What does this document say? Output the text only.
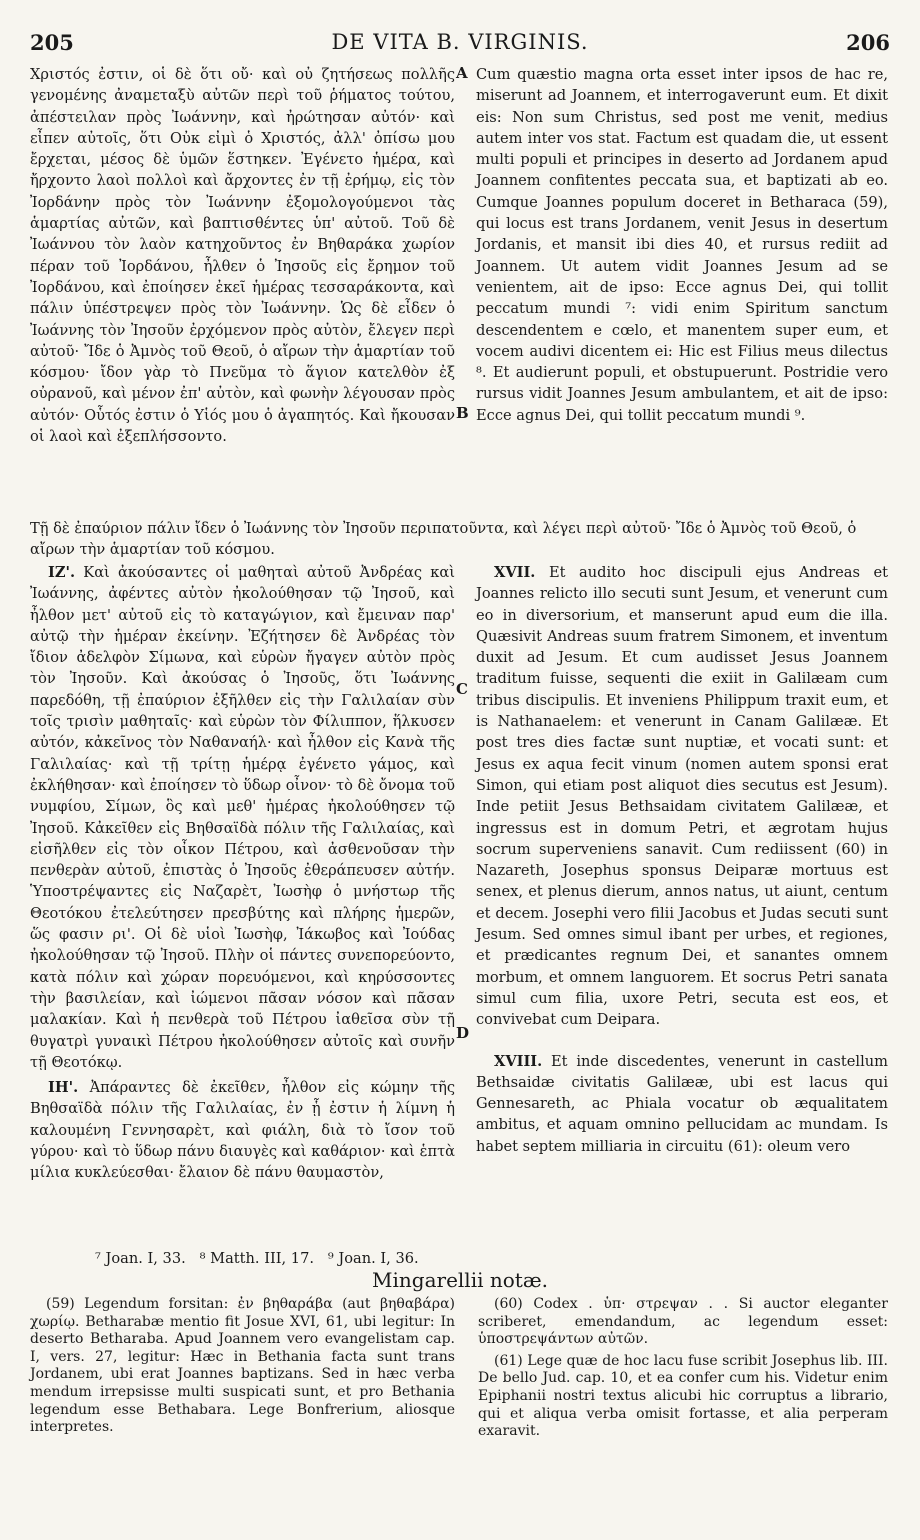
205	DE VITA B. VIRGINIS.	206
A
B
C
D

Χριστός ἐστιν, οἱ δὲ ὅτι οὔ· καὶ οὐ ζητήσεως πολλῆς γενομένης ἀναμεταξὺ αὐτῶν περὶ τοῦ ῥήματος τούτου, ἀπέστειλαν πρὸς Ἰωάννην, καὶ ἠρώτησαν αὐτόν· καὶ εἶπεν αὐτοῖς, ὅτι Οὐκ εἰμὶ ὁ Χριστός, ἀλλ' ὀπίσω μου ἔρχεται, μέσος δὲ ὑμῶν ἕστηκεν. Ἐγένετο ἡμέρα, καὶ ἤρχοντο λαοὶ πολλοὶ καὶ ἄρχοντες ἐν τῇ ἐρήμῳ, εἰς τὸν Ἰορδάνην πρὸς τὸν Ἰωάννην ἐξομολογούμενοι τὰς ἁμαρτίας αὐτῶν, καὶ βαπτισθέντες ὑπ' αὐτοῦ. Τοῦ δὲ Ἰωάννου τὸν λαὸν κατηχοῦντος ἐν Βηθαράκα χωρίον πέραν τοῦ Ἰορδάνου, ἦλθεν ὁ Ἰησοῦς εἰς ἔρημον τοῦ Ἰορδάνου, καὶ ἐποίησεν ἐκεῖ ἡμέρας τεσσαράκοντα, καὶ πάλιν ὑπέστρεψεν πρὸς τὸν Ἰωάννην. Ὡς δὲ εἶδεν ὁ Ἰωάννης τὸν Ἰησοῦν ἐρχόμενον πρὸς αὐτὸν, ἔλεγεν περὶ αὐτοῦ· Ἴδε ὁ Ἀμνὸς τοῦ Θεοῦ, ὁ αἴρων τὴν ἁμαρτίαν τοῦ κόσμου· ἴδον γὰρ τὸ Πνεῦμα τὸ ἅγιον κατελθὸν ἐξ οὐρανοῦ, καὶ μένον ἐπ' αὐτὸν, καὶ φωνὴν λέγουσαν πρὸς αὐτόν· Οὗτός ἐστιν ὁ Υἱός μου ὁ ἀγαπητός. Καὶ ἤκουσαν οἱ λαοὶ καὶ ἐξεπλήσσοντο.

Cum quæstio magna orta esset inter ipsos de hac re, miserunt ad Joannem, et interrogaverunt eum. Et dixit eis: Non sum Christus, sed post me venit, medius autem inter vos stat. Factum est quadam die, ut essent multi populi et principes in deserto ad Jordanem apud Joannem confitentes peccata sua, et baptizati ab eo. Cumque Joannes populum doceret in Betharaca (59), qui locus est trans Jordanem, venit Jesus in desertum Jordanis, et mansit ibi dies 40, et rursus rediit ad Joannem. Ut autem vidit Joannes Jesum ad se venientem, ait de ipso: Ecce agnus Dei, qui tollit peccatum mundi ⁷: vidi enim Spiritum sanctum descendentem e cœlo, et manentem super eum, et vocem audivi dicentem ei: Hic est Filius meus dilectus ⁸. Et audierunt populi, et obstupuerunt. Postridie vero rursus vidit Joannes Jesum ambulantem, et ait de ipso: Ecce agnus Dei, qui tollit peccatum mundi ⁹.

Τῇ δὲ ἐπαύριον πάλιν ἴδεν ὁ Ἰωάννης τὸν Ἰησοῦν περιπατοῦντα, καὶ λέγει περὶ αὐτοῦ· Ἴδε ὁ Ἀμνὸς τοῦ Θεοῦ, ὁ αἴρων τὴν ἁμαρτίαν τοῦ κόσμου.

ΙΖ'. Καὶ ἀκούσαντες οἱ μαθηταὶ αὐτοῦ Ἀνδρέας καὶ Ἰωάννης, ἀφέντες αὐτὸν ἠκολούθησαν τῷ Ἰησοῦ, καὶ ἦλθον μετ' αὐτοῦ εἰς τὸ καταγώγιον, καὶ ἔμειναν παρ' αὐτῷ τὴν ἡμέραν ἐκείνην. Ἐζήτησεν δὲ Ἀνδρέας τὸν ἴδιον ἀδελφὸν Σίμωνα, καὶ εὑρὼν ἤγαγεν αὐτὸν πρὸς τὸν Ἰησοῦν. Καὶ ἀκούσας ὁ Ἰησοῦς, ὅτι Ἰωάννης παρεδόθη, τῇ ἐπαύριον ἐξῆλθεν εἰς τὴν Γαλιλαίαν σὺν τοῖς τρισὶν μαθηταῖς· καὶ εὑρὼν τὸν Φίλιππον, ἥλκυσεν αὐτόν, κἀκεῖνος τὸν Ναθαναήλ· καὶ ἦλθον εἰς Κανὰ τῆς Γαλιλαίας· καὶ τῇ τρίτῃ ἡμέρᾳ ἐγένετο γάμος, καὶ ἐκλήθησαν· καὶ ἐποίησεν τὸ ὕδωρ οἶνον· τὸ δὲ ὄνομα τοῦ νυμφίου, Σίμων, ὃς καὶ μεθ' ἡμέρας ἠκολούθησεν τῷ Ἰησοῦ. Κἀκεῖθεν εἰς Βηθσαϊδὰ πόλιν τῆς Γαλιλαίας, καὶ εἰσῆλθεν εἰς τὸν οἶκον Πέτρου, καὶ ἀσθενοῦσαν τὴν πενθερὰν αὐτοῦ, ἐπιστὰς ὁ Ἰησοῦς ἐθεράπευσεν αὐτήν. Ὑποστρέψαντες εἰς Ναζαρὲτ, Ἰωσὴφ ὁ μνήστωρ τῆς Θεοτόκου ἐτελεύτησεν πρεσβύτης καὶ πλήρης ἡμερῶν, ὥς φασιν ρι'. Οἱ δὲ υἱοὶ Ἰωσὴφ, Ἰάκωβος καὶ Ἰούδας ἠκολούθησαν τῷ Ἰησοῦ. Πλὴν οἱ πάντες συνεπορεύοντο, κατὰ πόλιν καὶ χώραν πορευόμενοι, καὶ κηρύσσοντες τὴν βασιλείαν, καὶ ἰώμενοι πᾶσαν νόσον καὶ πᾶσαν μαλακίαν. Καὶ ἡ πενθερὰ τοῦ Πέτρου ἰαθεῖσα σὺν τῇ θυγατρὶ γυναικὶ Πέτρου ἠκολούθησεν αὐτοῖς καὶ συνῆν τῇ Θεοτόκῳ.

ΙΗ'. Ἀπάραντες δὲ ἐκεῖθεν, ἦλθον εἰς κώμην τῆς Βηθσαϊδὰ πόλιν τῆς Γαλιλαίας, ἐν ᾗ ἐστιν ἡ λίμνη ἡ καλουμένη Γεννησαρὲτ, καὶ φιάλη, διὰ τὸ ἴσον τοῦ γύρου· καὶ τὸ ὕδωρ πάνυ διαυγὲς καὶ καθάριον· καὶ ἑπτὰ μίλια κυκλεύεσθαι· ἔλαιον δὲ πάνυ θαυμαστὸν,

XVII. Et audito hoc discipuli ejus Andreas et Joannes relicto illo secuti sunt Jesum, et venerunt cum eo in diversorium, et manserunt apud eum die illa. Quæsivit Andreas suum fratrem Simonem, et inventum duxit ad Jesum. Et cum audisset Jesus Joannem traditum fuisse, sequenti die exiit in Galilæam cum tribus discipulis. Et inveniens Philippum traxit eum, et is Nathanaelem: et venerunt in Canam Galilææ. Et post tres dies factæ sunt nuptiæ, et vocati sunt: et Jesus ex aqua fecit vinum (nomen autem sponsi erat Simon, qui etiam post aliquot dies secutus est Jesum). Inde petiit Jesus Bethsaidam civitatem Galilææ, et ingressus est in domum Petri, et ægrotam hujus socrum superveniens sanavit. Cum rediissent (60) in Nazareth, Josephus sponsus Deiparæ mortuus est senex, et plenus dierum, annos natus, ut aiunt, centum et decem. Josephi vero filii Jacobus et Judas secuti sunt Jesum. Sed omnes simul ibant per urbes, et regiones, et prædicantes regnum Dei, et sanantes omnem morbum, et omnem languorem. Et socrus Petri sanata simul cum filia, uxore Petri, secuta est eos, et convivebat cum Deipara.

XVIII. Et inde discedentes, venerunt in castellum Bethsaidæ civitatis Galilææ, ubi est lacus qui Gennesareth, ac Phiala vocatur ob æqualitatem ambitus, et aquam omnino pellucidam ac mundam. Is habet septem milliaria in circuitu (61): oleum vero

⁷ Joan. I, 33.   ⁸ Matth. III, 17.   ⁹ Joan. I, 36.
Mingarellii notæ.

(59) Legendum forsitan: ἐν βηθαράβα (aut βηθαβάρα) χωρίῳ. Betharabæ mentio fit Josue XVI, 61, ubi legitur: In deserto Betharaba. Apud Joannem vero evangelistam cap. I, vers. 27, legitur: Hæc in Bethania facta sunt trans Jordanem, ubi erat Joannes baptizans. Sed in hæc verba mendum irrepsisse multi suspicati sunt, et pro Bethania legendum esse Bethabara. Lege Bonfrerium, aliosque interpretes.

(60) Codex . ὑπ· στρεψαν . . Si auctor eleganter scriberet, emendandum, ac legendum esset: ὑποστρεψάντων αὐτῶν.

(61) Lege quæ de hoc lacu fuse scribit Josephus lib. III. De bello Jud. cap. 10, et ea confer cum his. Videtur enim Epiphanii nostri textus alicubi hic corruptus a librario, qui et aliqua verba omisit fortasse, et alia perperam exaravit.
